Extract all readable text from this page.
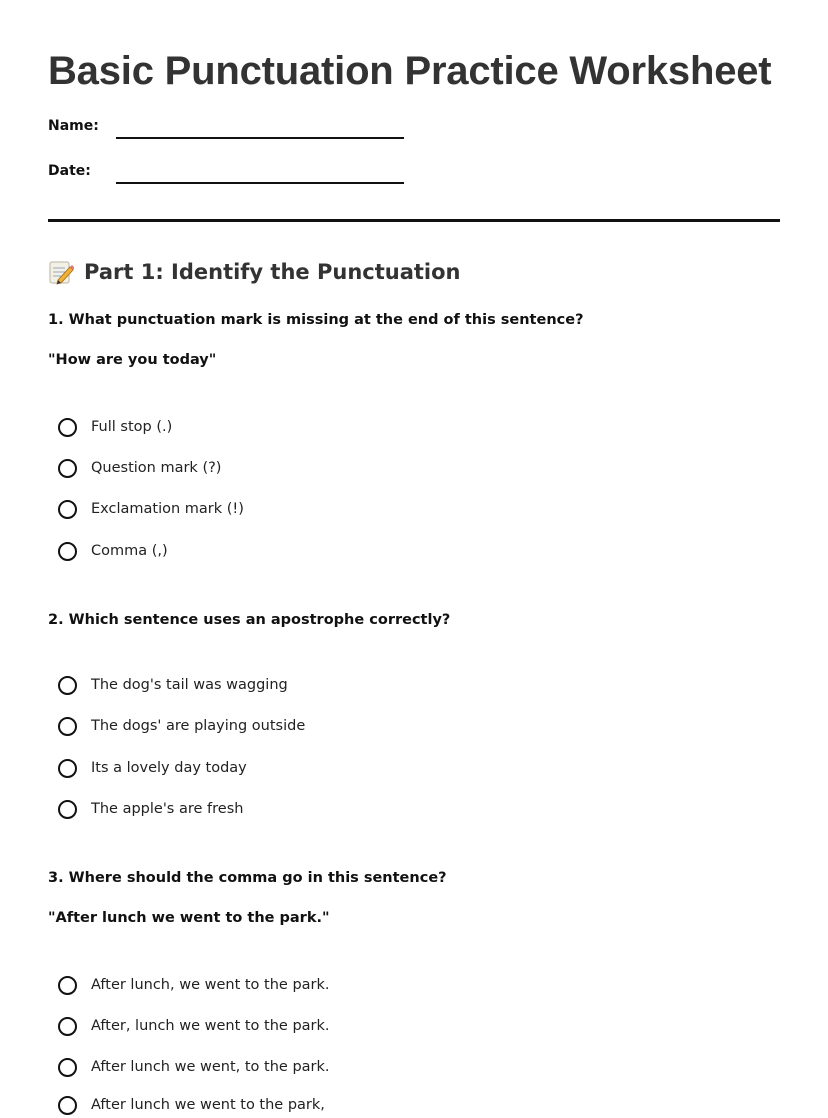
Basic Punctuation Practice Worksheet
Name:
Date:
Part 1: Identify the Punctuation
1. What punctuation mark is missing at the end of this sentence?
"How are you today"
Full stop (.)
Question mark (?)
Exclamation mark (!)
Comma (,)
2. Which sentence uses an apostrophe correctly?
The dog's tail was wagging
The dogs' are playing outside
Its a lovely day today
The apple's are fresh
3. Where should the comma go in this sentence?
"After lunch we went to the park."
After lunch, we went to the park.
After, lunch we went to the park.
After lunch we went, to the park.
After lunch we went to the park,
